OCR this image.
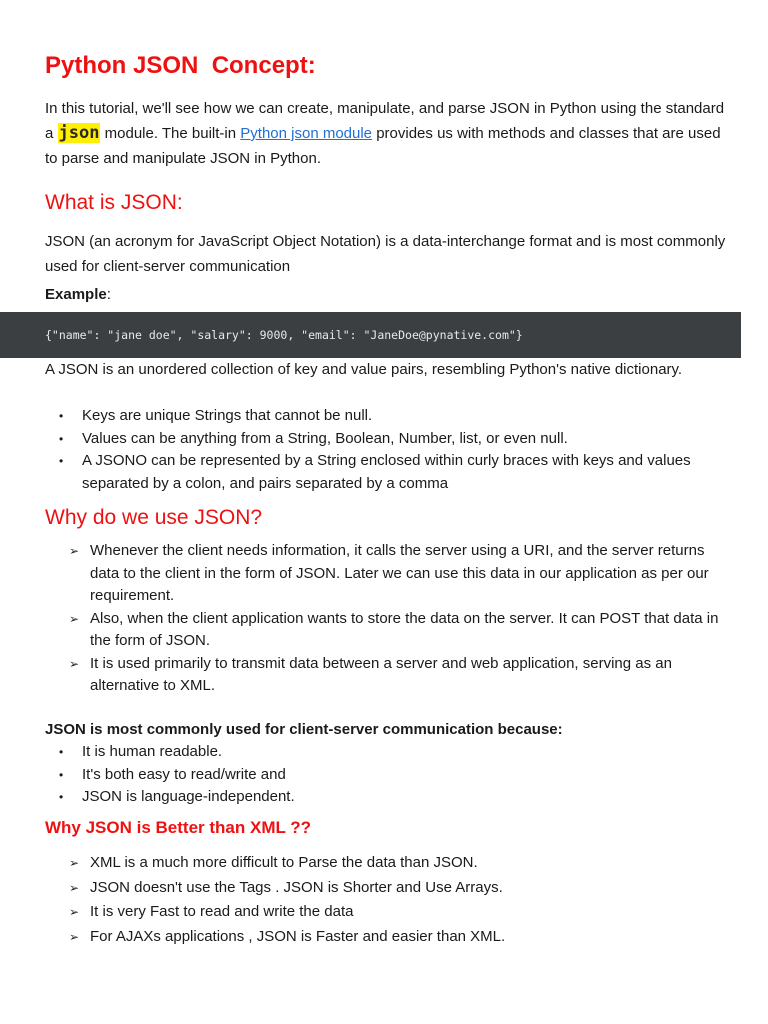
Python JSON  Concept:

In this tutorial, we'll see how we can create, manipulate, and parse JSON in Python using the standard a json module. The built-in Python json module provides us with methods and classes that are used to parse and manipulate JSON in Python.

What is JSON:

JSON (an acronym for JavaScript Object Notation) is a data-interchange format and is most commonly used for client-server communication

Example:

{"name": "jane doe", "salary": 9000, "email": "JaneDoe@pynative.com"}

A JSON is an unordered collection of key and value pairs, resembling Python's native dictionary.

• Keys are unique Strings that cannot be null.
• Values can be anything from a String, Boolean, Number, list, or even null.
• A JSONO can be represented by a String enclosed within curly braces with keys and values separated by a colon, and pairs separated by a comma
Why do we use JSON?
➢ Whenever the client needs information, it calls the server using a URI, and the server returns data to the client in the form of JSON. Later we can use this data in our application as per our requirement.
➢ Also, when the client application wants to store the data on the server. It can POST that data in the form of JSON.
➢ It is used primarily to transmit data between a server and web application, serving as an alternative to XML.

JSON is most commonly used for client-server communication because:

• It is human readable.
• It's both easy to read/write and
• JSON is language-independent.
Why JSON is Better than XML ??
➢ XML is a much more difficult to Parse the data than JSON.
➢ JSON doesn't use the Tags . JSON is Shorter and Use Arrays.
➢ It is very Fast to read and write the data
➢ For AJAXs applications , JSON is Faster and easier than XML.
